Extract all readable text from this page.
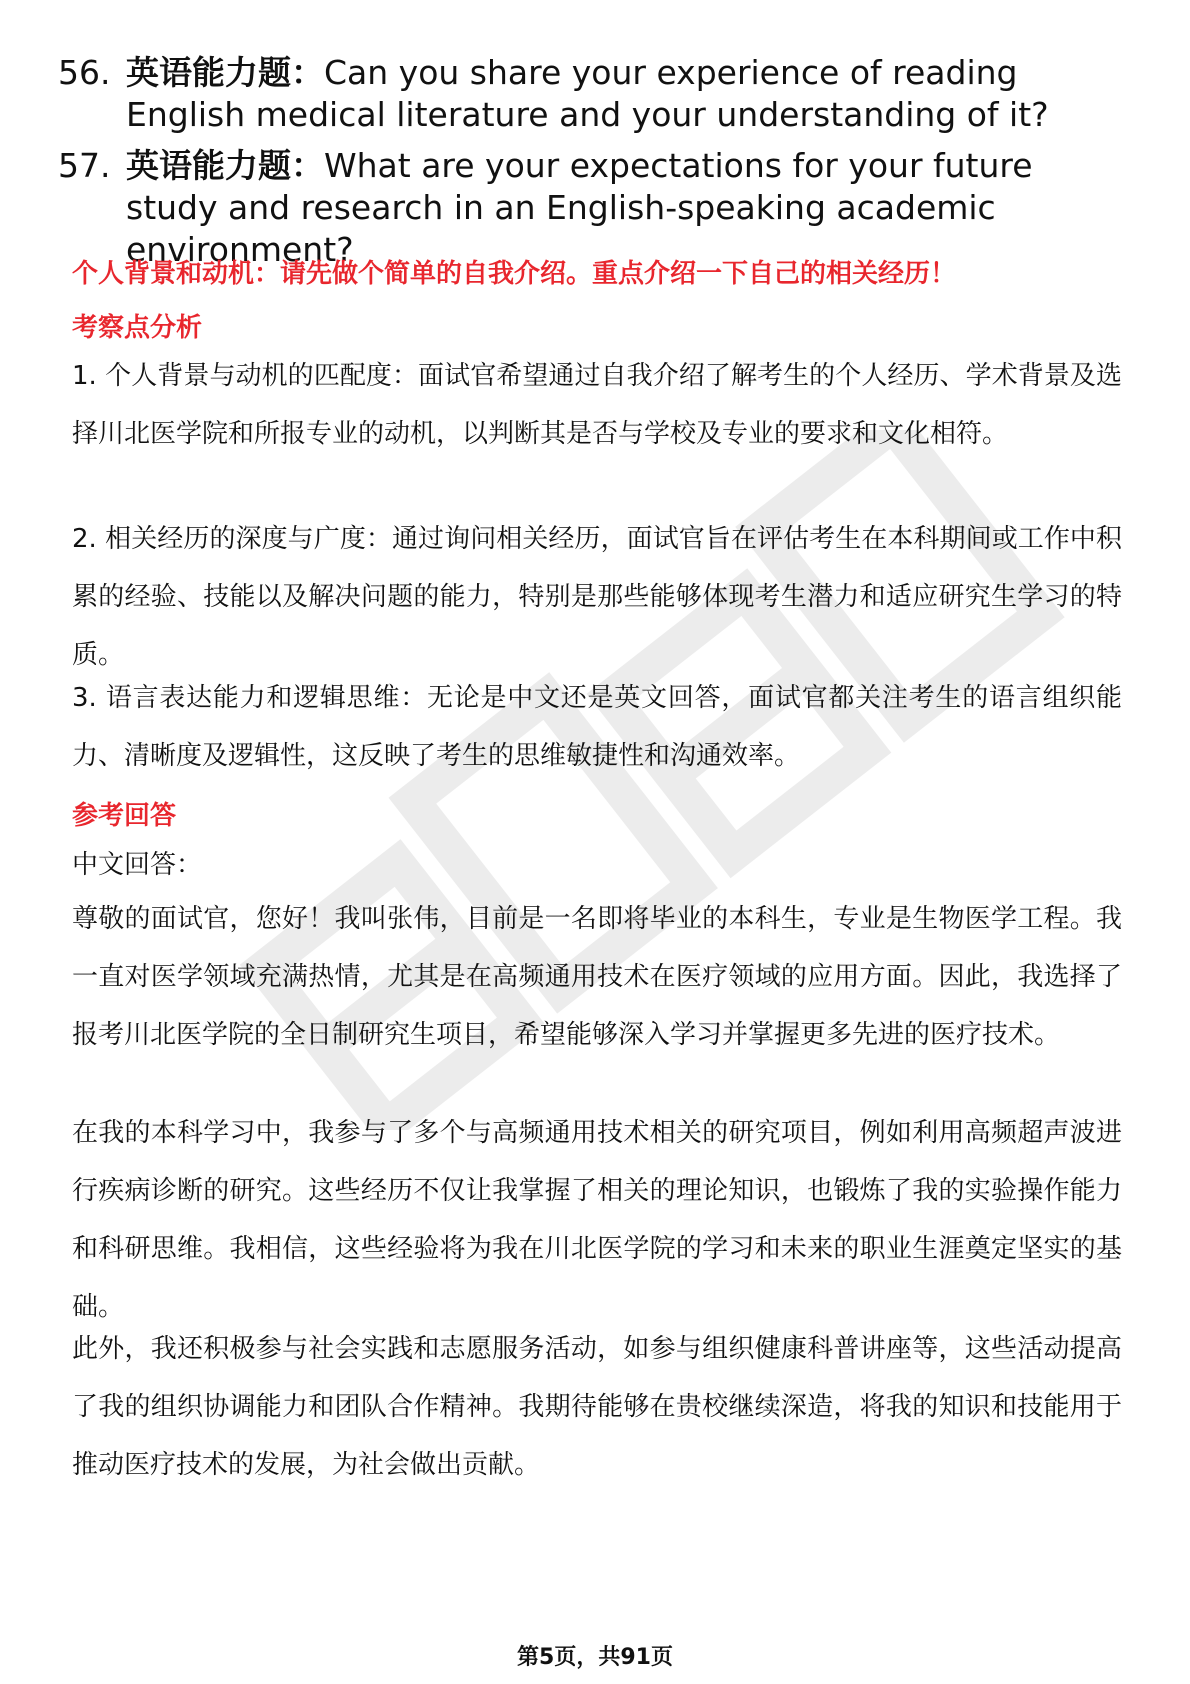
56. 英语能力题：Can you share your experience of reading English medical literature and your understanding of it?
57. 英语能力题：What are your expectations for your future study and research in an English-speaking academic environment?
个人背景和动机：请先做个简单的自我介绍。重点介绍一下自己的相关经历！
考察点分析
1. 个人背景与动机的匹配度：面试官希望通过自我介绍了解考生的个人经历、学术背景及选择川北医学院和所报专业的动机，以判断其是否与学校及专业的要求和文化相符。
2. 相关经历的深度与广度：通过询问相关经历，面试官旨在评估考生在本科期间或工作中积累的经验、技能以及解决问题的能力，特别是那些能够体现考生潜力和适应研究生学习的特质。
3. 语言表达能力和逻辑思维：无论是中文还是英文回答，面试官都关注考生的语言组织能力、清晰度及逻辑性，这反映了考生的思维敏捷性和沟通效率。
参考回答
中文回答：
尊敬的面试官，您好！我叫张伟，目前是一名即将毕业的本科生，专业是生物医学工程。我一直对医学领域充满热情，尤其是在高频通用技术在医疗领域的应用方面。因此，我选择了报考川北医学院的全日制研究生项目，希望能够深入学习并掌握更多先进的医疗技术。
在我的本科学习中，我参与了多个与高频通用技术相关的研究项目，例如利用高频超声波进行疾病诊断的研究。这些经历不仅让我掌握了相关的理论知识，也锻炼了我的实验操作能力和科研思维。我相信，这些经验将为我在川北医学院的学习和未来的职业生涯奠定坚实的基础。
此外，我还积极参与社会实践和志愿服务活动，如参与组织健康科普讲座等，这些活动提高了我的组织协调能力和团队合作精神。我期待能够在贵校继续深造，将我的知识和技能用于推动医疗技术的发展，为社会做出贡献。
第5页，共91页
